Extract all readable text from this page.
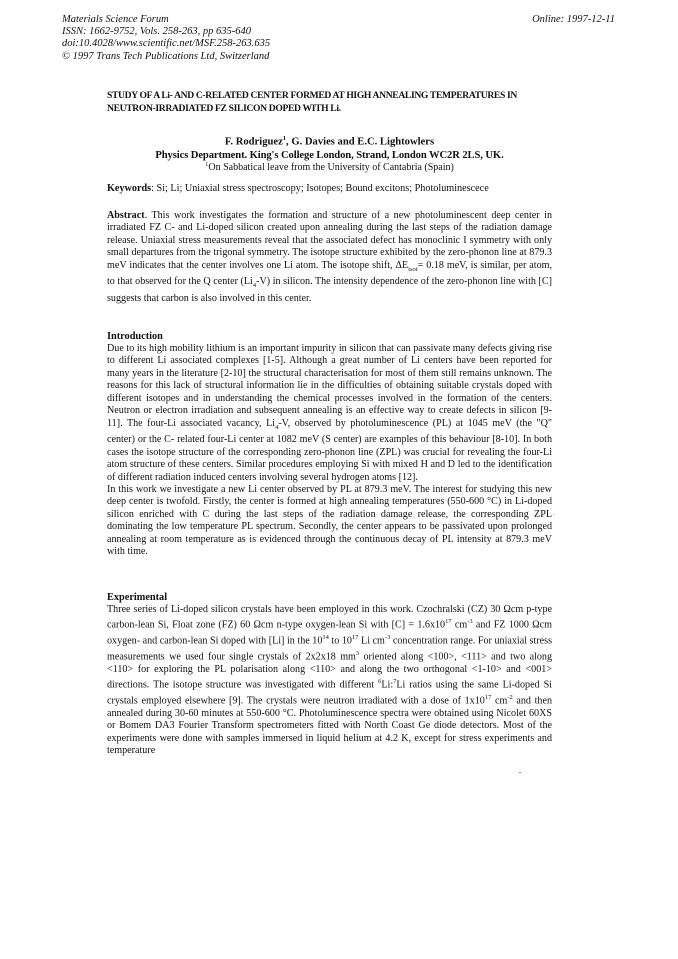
Materials Science Forum
ISSN: 1662-9752, Vols. 258-263, pp 635-640
doi:10.4028/www.scientific.net/MSF.258-263.635
© 1997 Trans Tech Publications Ltd, Switzerland
Online: 1997-12-11
STUDY OF A Li- AND C-RELATED CENTER FORMED AT HIGH ANNEALING TEMPERATURES IN NEUTRON-IRRADIATED FZ SILICON DOPED WITH Li.
F. Rodriguez$^1$, G. Davies and E.C. Lightowlers
Physics Department. King's College London, Strand, London WC2R 2LS, UK.
$^1$On Sabbatical leave from the University of Cantabria (Spain)
Keywords: Si; Li; Uniaxial stress spectroscopy; Isotopes; Bound excitons; Photoluminescece
Abstract. This work investigates the formation and structure of a new photoluminescent deep center in irradiated FZ C- and Li-doped silicon created upon annealing during the last steps of the radiation damage release. Uniaxial stress measurements reveal that the associated defect has monoclinic I symmetry with only small departures from the trigonal symmetry. The isotope structure exhibited by the zero-phonon line at 879.3 meV indicates that the center involves one Li atom. The isotope shift, $\Delta E_{isot}= 0.18$ meV, is similar, per atom, to that observed for the Q center $(Li_4-V)$ in silicon. The intensity dependence of the zero-phonon line with [C] suggests that carbon is also involved in this center.
Introduction

Due to its high mobility lithium is an important impurity in silicon that can passivate many defects giving rise to different Li associated complexes [1-5]. Although a great number of Li centers have been reported for many years in the literature [2-10] the structural characterisation for most of them still remains unknown. The reasons for this lack of structural information lie in the difficulties of obtaining suitable crystals doped with different isotopes and in understanding the chemical processes involved in the formation of the centers. Neutron or electron irradiation and subsequent annealing is an effective way to create defects in silicon [9-11]. The four-Li associated vacancy, $Li_4-V$, observed by photoluminescence (PL) at 1045 meV (the "Q" center) or the C- related four-Li center at 1082 meV (S center) are examples of this behaviour [8-10]. In both cases the isotope structure of the corresponding zero-phonon line (ZPL) was crucial for revealing the four-Li atom structure of these centers. Similar procedures employing Si with mixed H and D led to the identification of different radiation induced centers involving several hydrogen atoms [12].

In this work we investigate a new Li center observed by PL at 879.3 meV. The interest for studying this new deep center is twofold. Firstly, the center is formed at high annealing temperatures (550-600 °C) in Li-doped silicon enriched with C during the last steps of the radiation damage release, the corresponding ZPL dominating the low temperature PL spectrum. Secondly, the center appears to be passivated upon prolonged annealing at room temperature as is evidenced through the continuous decay of PL intensity at 879.3 meV with time.

.
Experimental
Three series of Li-doped silicon crystals have been employed in this work. Czochralski (CZ) 30 Ωcm p-type carbon-lean Si, Float zone (FZ) 60 Ωcm n-type oxygen-lean Si with $[C] = 1.6x10^{17}$ $cm^{-3}$ and FZ 1000 Ωcm oxygen- and carbon-lean Si doped with [Li] in the $10^{14}$ to $10^{17}$ Li $cm^{-3}$ concentration range. For uniaxial stress measurements we used four single crystals of 2x2x18 $mm^3$ oriented along <100>, <111> and two along <110> for exploring the PL polarisation along <110> and along the two orthogonal <1-10> and <001> directions. The isotope structure was investigated with different $^6$Li:$^7$Li ratios using the same Li-doped Si crystals employed elsewhere [9]. The crystals were neutron irradiated with a dose of $1x10^{17}$ $cm^{-2}$ and then annealed during 30-60 minutes at 550-600 °C. Photoluminescence spectra were obtained using Nicolet 60XS or Bomem DA3 Fourier Transform spectrometers fitted with North Coast Ge diode detectors. Most of the experiments were done with samples immersed in liquid helium at 4.2 K, except for stress experiments and temperature
